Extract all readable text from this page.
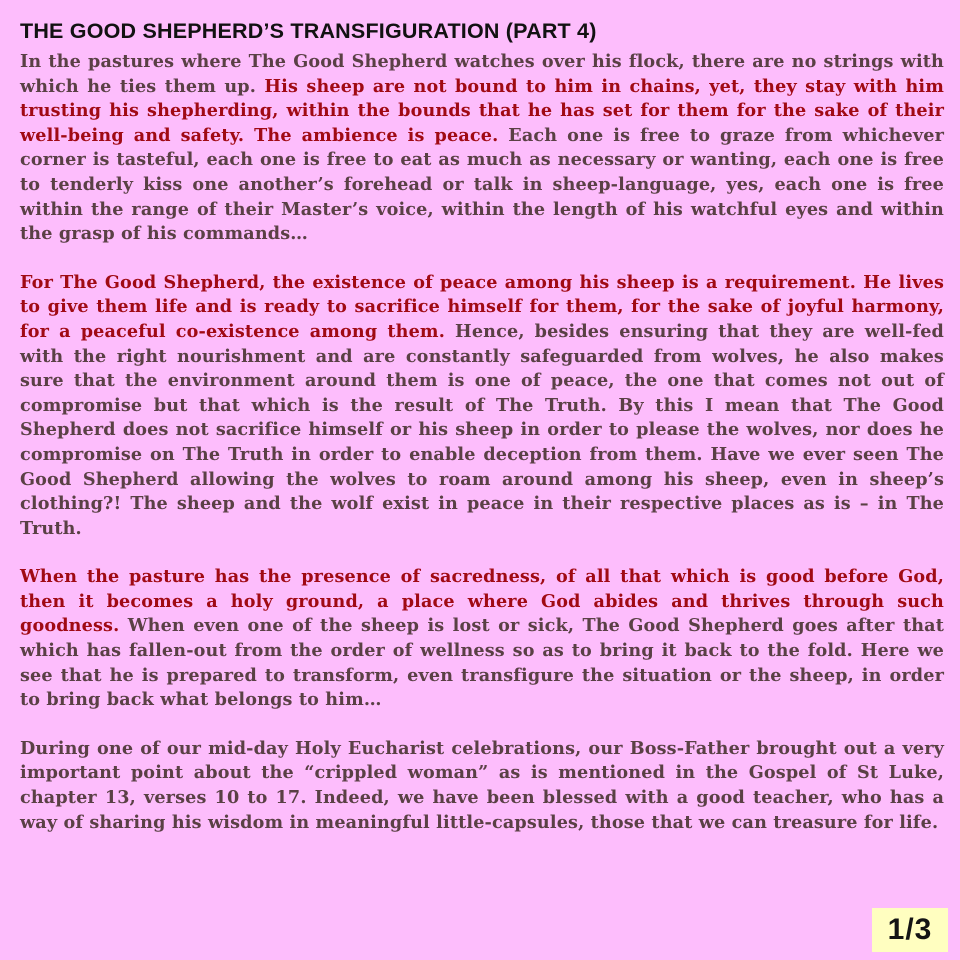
THE GOOD SHEPHERD’S TRANSFIGURATION (PART 4)

In the pastures where The Good Shepherd watches over his flock, there are no strings with which he ties them up. His sheep are not bound to him in chains, yet, they stay with him trusting his shepherding, within the bounds that he has set for them for the sake of their well-being and safety. The ambience is peace. Each one is free to graze from whichever corner is tasteful, each one is free to eat as much as necessary or wanting, each one is free to tenderly kiss one another’s forehead or talk in sheep-language, yes, each one is free within the range of their Master’s voice, within the length of his watchful eyes and within the grasp of his commands…

For The Good Shepherd, the existence of peace among his sheep is a requirement. He lives to give them life and is ready to sacrifice himself for them, for the sake of joyful harmony, for a peaceful co-existence among them. Hence, besides ensuring that they are well-fed with the right nourishment and are constantly safeguarded from wolves, he also makes sure that the environment around them is one of peace, the one that comes not out of compromise but that which is the result of The Truth. By this I mean that The Good Shepherd does not sacrifice himself or his sheep in order to please the wolves, nor does he compromise on The Truth in order to enable deception from them. Have we ever seen The Good Shepherd allowing the wolves to roam around among his sheep, even in sheep’s clothing?! The sheep and the wolf exist in peace in their respective places as is – in The Truth.

When the pasture has the presence of sacredness, of all that which is good before God, then it becomes a holy ground, a place where God abides and thrives through such goodness. When even one of the sheep is lost or sick, The Good Shepherd goes after that which has fallen-out from the order of wellness so as to bring it back to the fold. Here we see that he is prepared to transform, even transfigure the situation or the sheep, in order to bring back what belongs to him…

During one of our mid-day Holy Eucharist celebrations, our Boss-Father brought out a very important point about the “crippled woman” as is mentioned in the Gospel of St Luke, chapter 13, verses 10 to 17. Indeed, we have been blessed with a good teacher, who has a way of sharing his wisdom in meaningful little-capsules, those that we can treasure for life.

1/3
